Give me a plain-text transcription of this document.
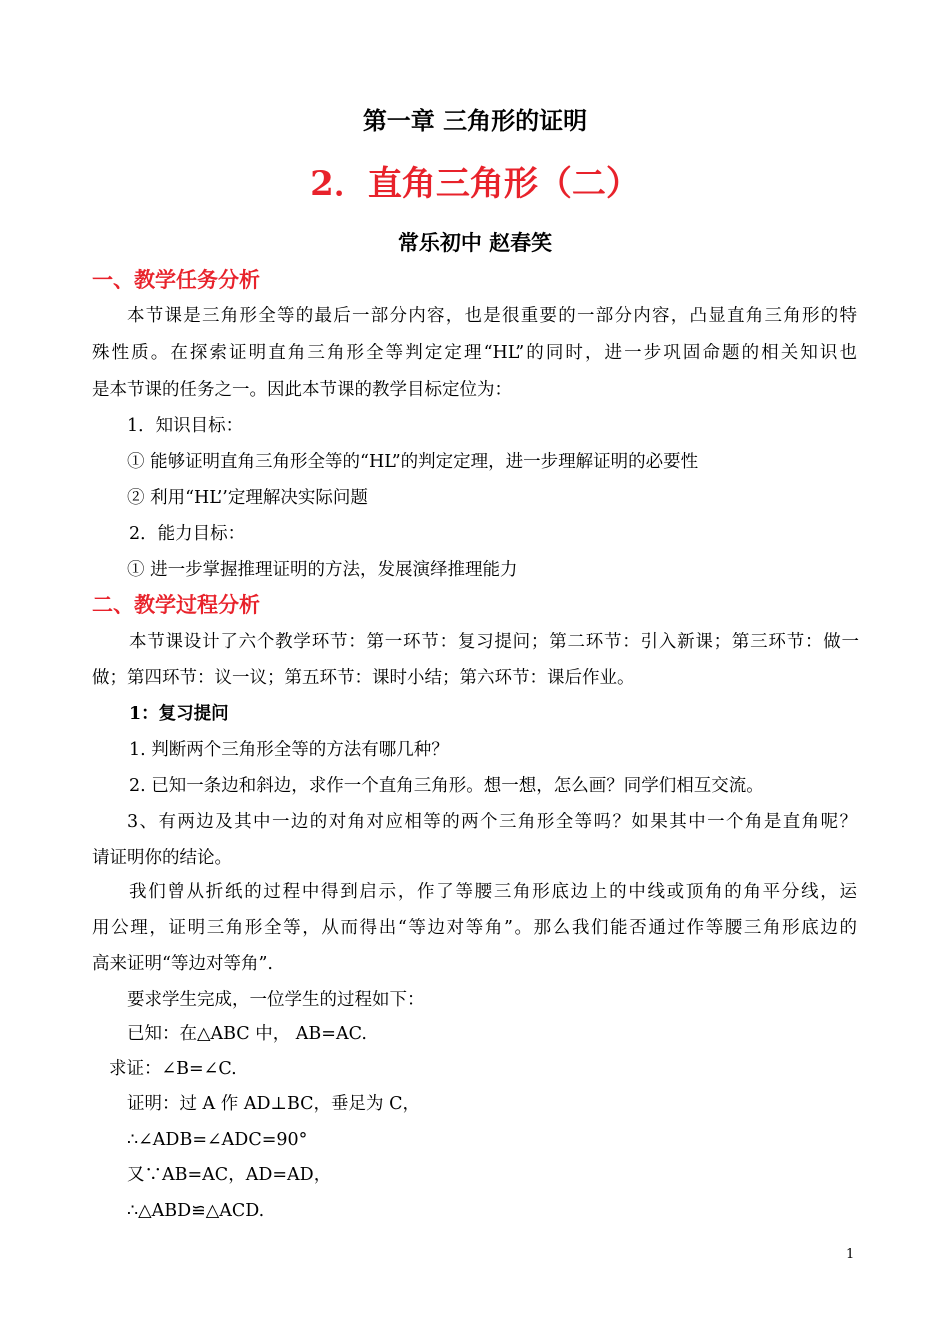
第一章 三角形的证明
2．直角三角形（二）
常乐初中 赵春笑
一、教学任务分析
本节课是三角形全等的最后一部分内容，也是很重要的一部分内容，凸显直角三角形的特
殊性质。在探索证明直角三角形全等判定定理“HL”的同时，进一步巩固命题的相关知识也
是本节课的任务之一。因此本节课的教学目标定位为：
1．知识目标：
① 能够证明直角三角形全等的“HL”的判定定理，进一步理解证明的必要性
② 利用“HL’’定理解决实际问题
2．能力目标：
① 进一步掌握推理证明的方法，发展演绎推理能力
二、教学过程分析
本节课设计了六个教学环节：第一环节：复习提问；第二环节：引入新课；第三环节：做一
做；第四环节：议一议；第五环节：课时小结；第六环节：课后作业。
1：复习提问
1. 判断两个三角形全等的方法有哪几种？
2. 已知一条边和斜边，求作一个直角三角形。想一想，怎么画？同学们相互交流。
3、有两边及其中一边的对角对应相等的两个三角形全等吗？如果其中一个角是直角呢？
请证明你的结论。
我们曾从折纸的过程中得到启示，作了等腰三角形底边上的中线或顶角的角平分线，运
用公理，证明三角形全等，从而得出“等边对等角”。那么我们能否通过作等腰三角形底边的
高来证明“等边对等角”.
要求学生完成，一位学生的过程如下：
已知：在△ABC 中， AB=AC.
求证：∠B=∠C.
证明：过 A 作 AD⊥BC，垂足为 C，
∴∠ADB=∠ADC=90°
又∵AB=AC，AD=AD，
∴△ABD≌△ACD.
1
